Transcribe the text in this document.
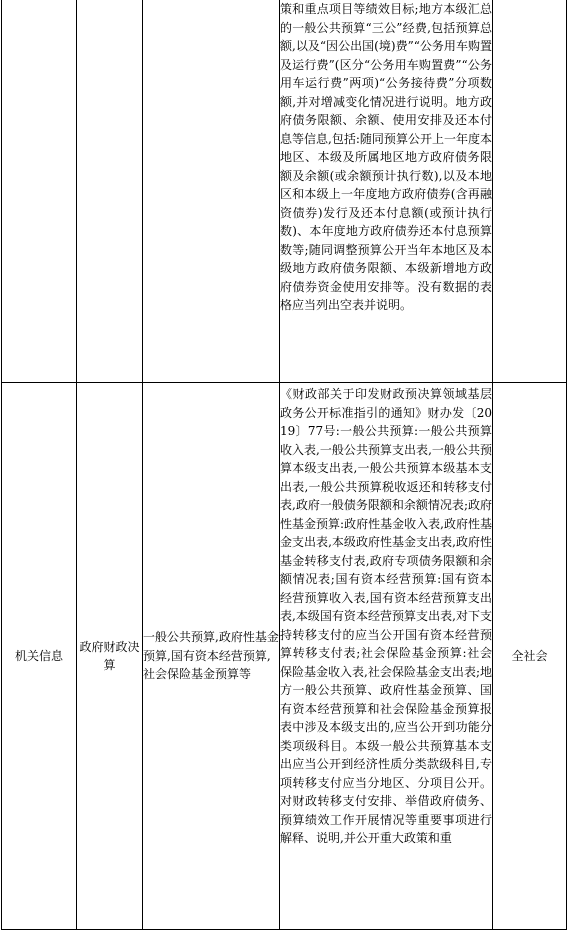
			策和重点项目等绩效目标;地方本级汇总的一般公共预算“三公”经费,包括预算总额,以及“因公出国(境)费”“公务用车购置及运行费”(区分“公务用车购置费”“公务用车运行费”两项)“公务接待费”分项数额,并对增减变化情况进行说明。地方政府债务限额、余额、使用安排及还本付息等信息,包括:随同预算公开上一年度本地区、本级及所属地区地方政府债务限额及余额(或余额预计执行数),以及本地区和本级上一年度地方政府债券(含再融资债券)发行及还本付息额(或预计执行数)、本年度地方政府债券还本付息预算数等;随同调整预算公开当年本地区及本级地方政府债务限额、本级新增地方政府债券资金使用安排等。没有数据的表格应当列出空表并说明。	
机关信息	政府财政决算	一般公共预算,政府性基金预算,国有资本经营预算,社会保险基金预算等	《财政部关于印发财政预决算领域基层政务公开标准指引的通知》财办发〔2019〕77号:一般公共预算:一般公共预算收入表,一般公共预算支出表,一般公共预算本级支出表,一般公共预算本级基本支出表,一般公共预算税收返还和转移支付表,政府一般债务限额和余额情况表;政府性基金预算:政府性基金收入表,政府性基金支出表,本级政府性基金支出表,政府性基金转移支付表,政府专项债务限额和余额情况表;国有资本经营预算:国有资本经营预算收入表,国有资本经营预算支出表,本级国有资本经营预算支出表,对下支持转移支付的应当公开国有资本经营预算转移支付表;社会保险基金预算:社会保险基金收入表,社会保险基金支出表;地方一般公共预算、政府性基金预算、国有资本经营预算和社会保险基金预算报表中涉及本级支出的,应当公开到功能分类项级科目。本级一般公共预算基本支出应当公开到经济性质分类款级科目,专项转移支付应当分地区、分项目公开。对财政转移支付安排、举借政府债务、预算绩效工作开展情况等重要事项进行解释、说明,并公开重大政策和重	全社会
